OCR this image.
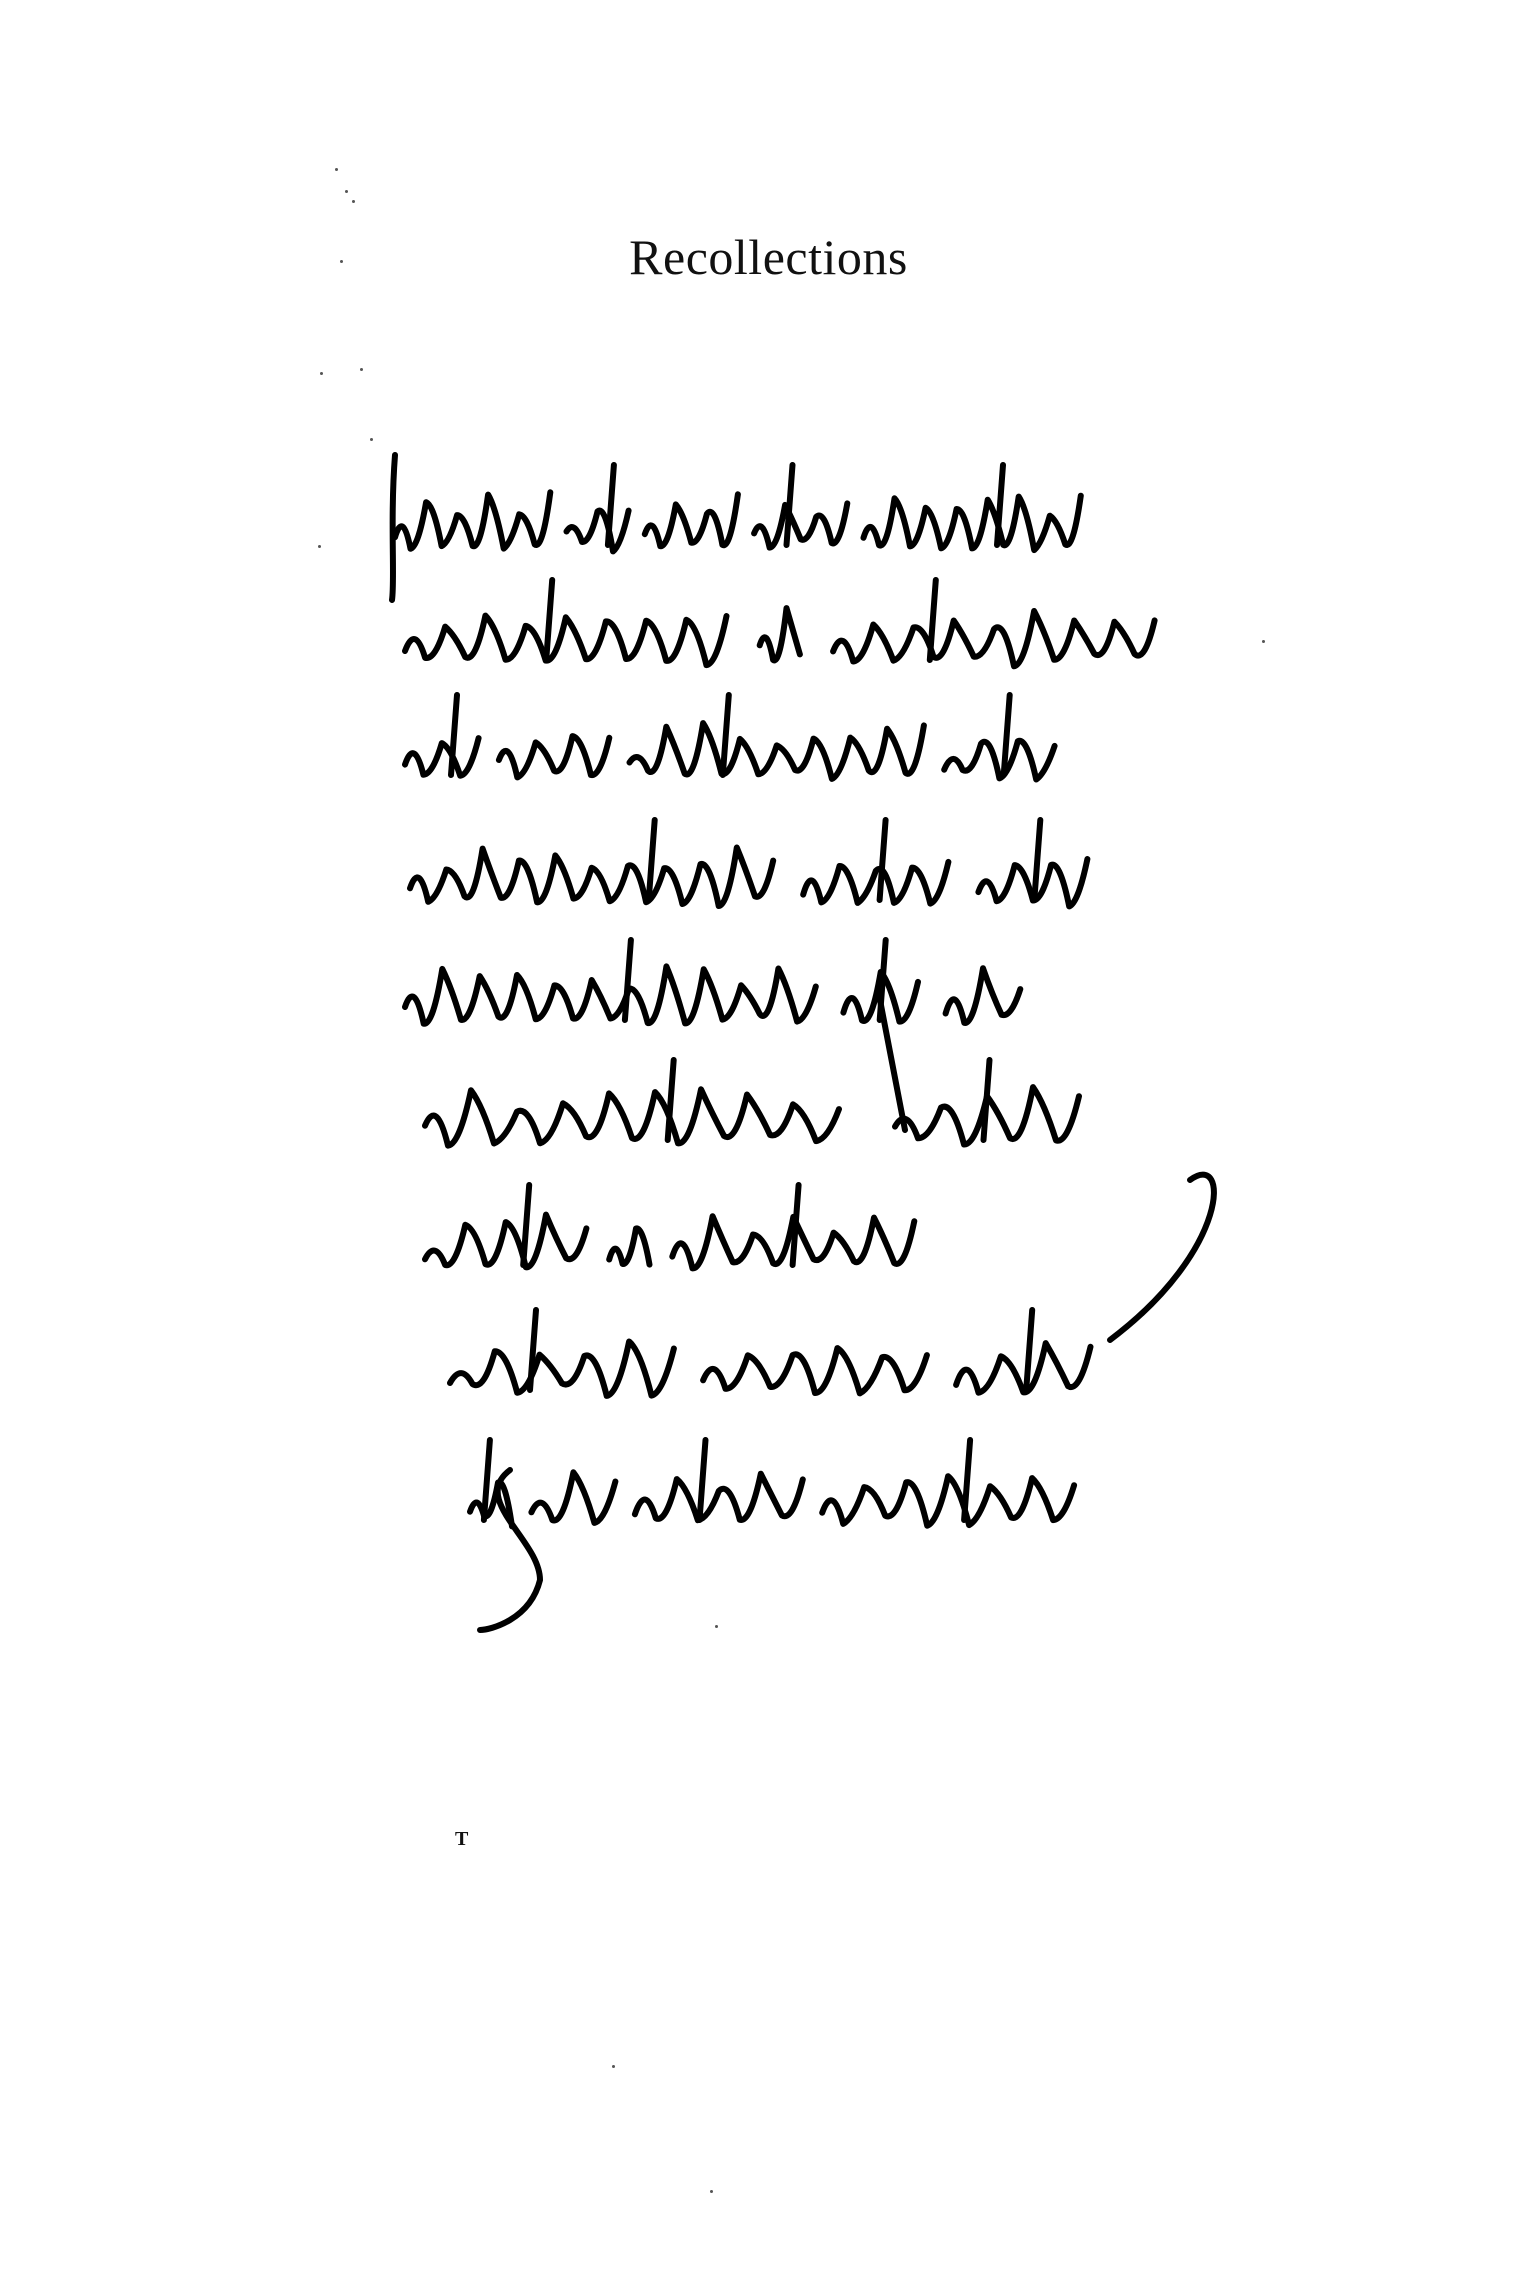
Recollections
pain. We are all working
together & indebted
to one another. Let
authorship have the
distinction of an
exemption from
rank & title.
claim none. But
I am glad indeed
T
